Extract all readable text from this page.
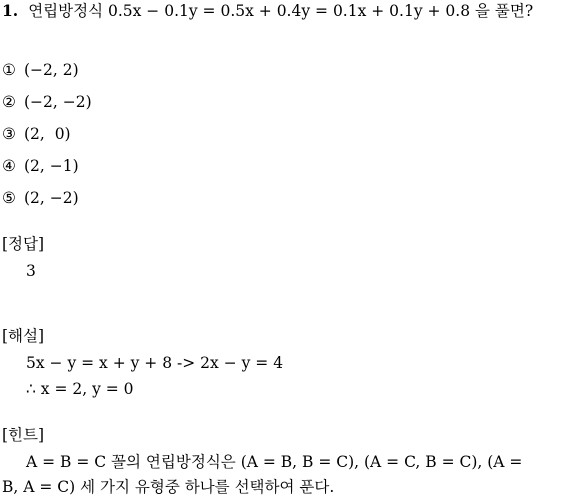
1. 연립방정식 0.5x − 0.1y = 0.5x + 0.4y = 0.1x + 0.1y + 0.8 을 풀면?
① (−2, 2)
② (−2, −2)
③ (2,  0)
④ (2, −1)
⑤ (2, −2)
[정답]
3
[해설]
5x − y = x + y + 8 -> 2x − y = 4
∴ x = 2, y = 0
[힌트]
A = B = C 꼴의 연립방정식은 (A = B, B = C), (A = C, B = C), (A =
B, A = C) 세 가지 유형중 하나를 선택하여 푼다.
